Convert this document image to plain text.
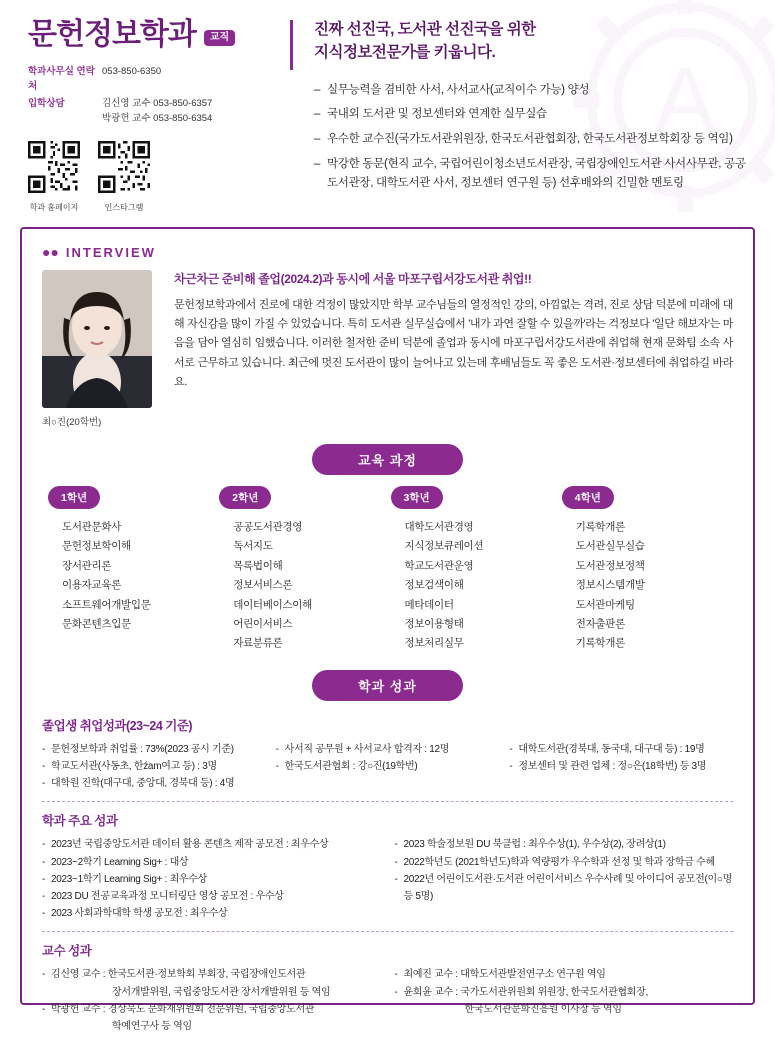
A
문헌정보학과	교직
학과사무실 연락처
053-850-6350
입학상담	김신영 교수 053-850-6357
박광헌 교수 053-850-6354
학과 홈페이지	인스타그램
진짜 선진국, 도서관 선진국을 위한
지식정보전문가를 키웁니다.
– 실무능력을 겸비한 사서, 사서교사(교직이수 가능) 양성
– 국내외 도서관 및 정보센터와 연계한 실무실습
– 우수한 교수진(국가도서관위원장, 한국도서관협회장, 한국도서관정보학회장 등 역임)
– 막강한 동문(현직 교수, 국립어린이청소년도서관장, 국립장애인도서관 사서사무관, 공공도서관장, 대학도서관 사서, 정보센터 연구원 등) 선후배와의 긴밀한 멘토링
●● INTERVIEW
최○진(20학번)
차근차근 준비해 졸업(2024.2)과 동시에 서울 마포구립서강도서관 취업!!
문헌정보학과에서 진로에 대한 걱정이 많았지만 학부 교수님들의 열정적인 강의, 아낌없는 격려, 진로 상담 덕분에 미래에 대해 자신감을 많이 가질 수 있었습니다. 특히 도서관 실무실습에서 '내가 과연 잘할 수 있을까'라는 걱정보다 '일단 해보자'는 마음을 담아 열심히 임했습니다. 이러한 철저한 준비 덕분에 졸업과 동시에 마포구립서강도서관에 취업해 현재 문화팀 소속 사서로 근무하고 있습니다. 최근에 멋진 도서관이 많이 늘어나고 있는데 후배님들도 꼭 좋은 도서관·정보센터에 취업하길 바라요.
교육 과정
1학년
도서관문화사
문헌정보학이해
장서관리론
이용자교육론
소프트웨어개발입문
문화콘텐츠입문
2학년
공공도서관경영
독서지도
목록법이해
정보서비스론
데이터베이스이해
어린이서비스
자료분류론
3학년
대학도서관경영
지식정보큐레이션
학교도서관운영
정보검색이해
메타데이터
정보이용형태
정보처리실무
4학년
기록학개론
도서관실무실습
도서관정보정책
정보시스템개발
도서관마케팅
전자출판론
기록학개론
학과 성과
졸업생 취업성과(23~24 기준)
- 문헌정보학과 취업률 : 73%(2023 공시 기준)
- 학교도서관(사동초, 한źam여고 등) : 3명
- 대학원 진학(대구대, 중앙대, 경북대 등) : 4명
- 사서직 공무원 + 사서교사 합격자 : 12명
- 한국도서관협회 : 강○진(19학번)
- 대학도서관(경북대, 동국대, 대구대 등) : 19명
- 정보센터 및 관련 업체 : 정○은(18학번) 등 3명
학과 주요 성과
- 2023년 국립중앙도서관 데이터 활용 콘텐츠 제작 공모전 : 최우수상
- 2023~2학기 Learning Sig+ : 대상
- 2023~1학기 Learning Sig+ : 최우수상
- 2023 DU 전공교육과정 모니터링단 영상 공모전 : 우수상
- 2023 사회과학대학 학생 공모전 : 최우수상
- 2023 학술정보원 DU 북클럽 : 최우수상(1), 우수상(2), 장려상(1)
- 2022학년도 (2021학년도)학과 역량평가 우수학과 선정 및 학과 장학금 수혜
- 2022년 어린이도서관·도서관 어린이서비스 우수사례 및 아이디어 공모전(이○명 등 5명)
교수 성과
- 김신영 교수 : 한국도서관·정보학회 부회장, 국립장애인도서관
장서개발위원, 국립중앙도서관 장서개발위원 등 역임
- 박광헌 교수 : 경상북도 문화재위원회 전문위원, 국립중앙도서관
학예연구사 등 역임
- 최예진 교수 : 대학도서관발전연구소 연구원 역임
- 윤희윤 교수 : 국가도서관위원회 위원장, 한국도서관협회장,
한국도서관문화진흥원 이사장 등 역임
